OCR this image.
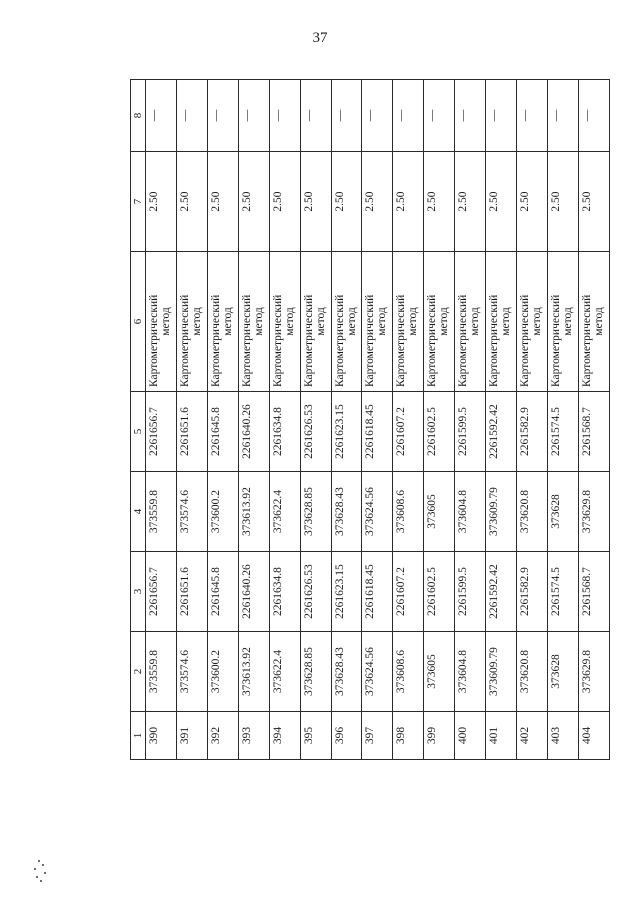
37
1	2	3	4	5	6	7	8
390	373559.8	2261656.7	373559.8	2261656.7	Картометрический метод	2.50	—
391	373574.6	2261651.6	373574.6	2261651.6	Картометрический метод	2.50	—
392	373600.2	2261645.8	373600.2	2261645.8	Картометрический метод	2.50	—
393	373613.92	2261640.26	373613.92	2261640.26	Картометрический метод	2.50	—
394	373622.4	2261634.8	373622.4	2261634.8	Картометрический метод	2.50	—
395	373628.85	2261626.53	373628.85	2261626.53	Картометрический метод	2.50	—
396	373628.43	2261623.15	373628.43	2261623.15	Картометрический метод	2.50	—
397	373624.56	2261618.45	373624.56	2261618.45	Картометрический метод	2.50	—
398	373608.6	2261607.2	373608.6	2261607.2	Картометрический метод	2.50	—
399	373605	2261602.5	373605	2261602.5	Картометрический метод	2.50	—
400	373604.8	2261599.5	373604.8	2261599.5	Картометрический метод	2.50	—
401	373609.79	2261592.42	373609.79	2261592.42	Картометрический метод	2.50	—
402	373620.8	2261582.9	373620.8	2261582.9	Картометрический метод	2.50	—
403	373628	2261574.5	373628	2261574.5	Картометрический метод	2.50	—
404	373629.8	2261568.7	373629.8	2261568.7	Картометрический метод	2.50	—
